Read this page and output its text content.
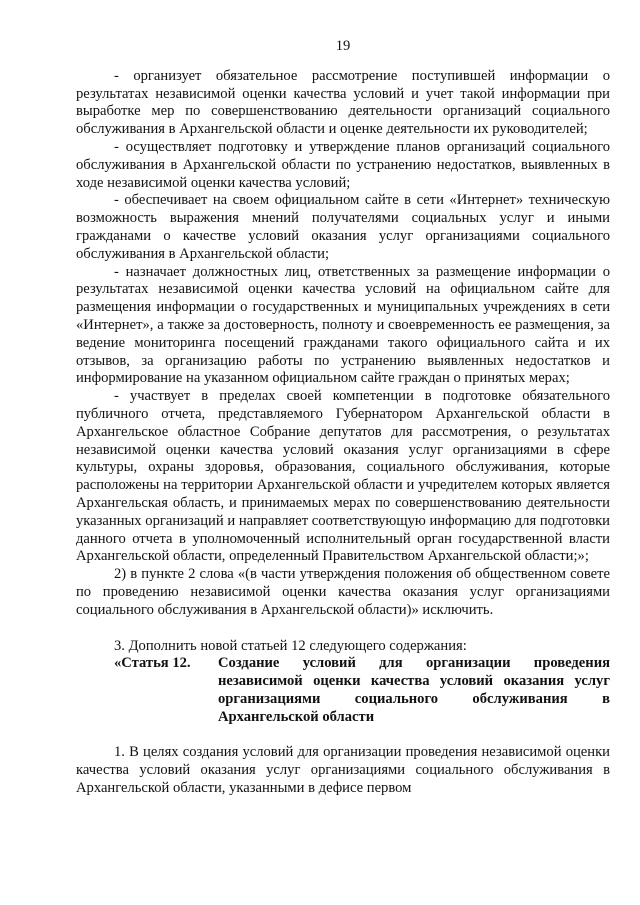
19

- организует обязательное рассмотрение поступившей информации о результатах независимой оценки качества условий и учет такой информации при выработке мер по совершенствованию деятельности организаций социального обслуживания в Архангельской области и оценке деятельности их руководителей;

- осуществляет подготовку и утверждение планов организаций социального обслуживания в Архангельской области по устранению недостатков, выявленных в ходе независимой оценки качества условий;

- обеспечивает на своем официальном сайте в сети «Интернет» техническую возможность выражения мнений получателями социальных услуг и иными гражданами о качестве условий оказания услуг организациями социального обслуживания в Архангельской области;

- назначает должностных лиц, ответственных за размещение информации о результатах независимой оценки качества условий на официальном сайте для размещения информации о государственных и муниципальных учреждениях в сети «Интернет», а также за достоверность, полноту и своевременность ее размещения, за ведение мониторинга посещений гражданами такого официального сайта и их отзывов, за организацию работы по устранению выявленных недостатков и информирование на указанном официальном сайте граждан о принятых мерах;

- участвует в пределах своей компетенции в подготовке обязательного публичного отчета, представляемого Губернатором Архангельской области в Архангельское областное Собрание депутатов для рассмотрения, о результатах независимой оценки качества условий оказания услуг организациями в сфере культуры, охраны здоровья, образования, социального обслуживания, которые расположены на территории Архангельской области и учредителем которых является Архангельская область, и принимаемых мерах по совершенствованию деятельности указанных организаций и направляет соответствующую информацию для подготовки данного отчета в уполномоченный исполнительный орган государственной власти Архангельской области, определенный Правительством Архангельской области;»;

2) в пункте 2 слова «(в части утверждения положения об общественном совете по проведению независимой оценки качества оказания услуг организациями социального обслуживания в Архангельской области)» исключить.

3. Дополнить новой статьей 12 следующего содержания:

«Статья 12.	Создание условий для организации проведения независимой оценки качества условий оказания услуг организациями социального обслуживания в Архангельской области

1. В целях создания условий для организации проведения независимой оценки качества условий оказания услуг организациями социального обслуживания в Архангельской области, указанными в дефисе первом
